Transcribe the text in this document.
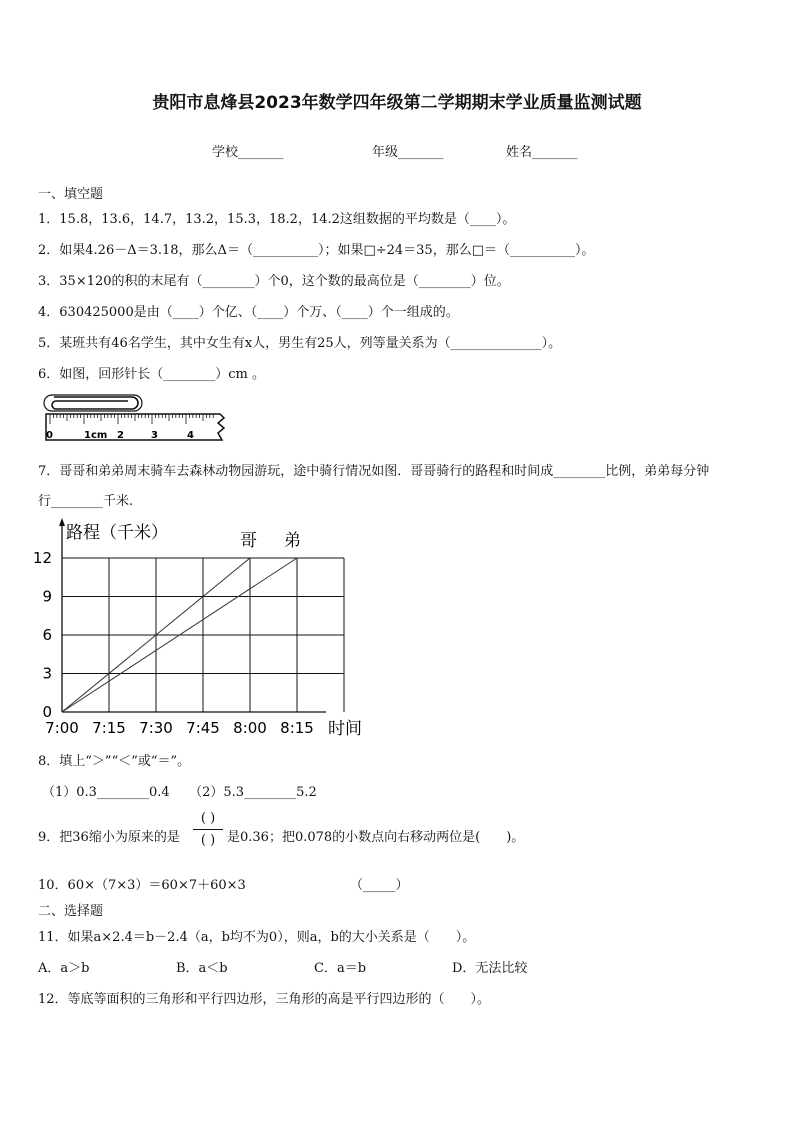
贵阳市息烽县2023年数学四年级第二学期期末学业质量监测试题
学校_______	年级_______	姓名_______
一、填空题
1．15.8，13.6，14.7，13.2，15.3，18.2，14.2这组数据的平均数是（____）。
2．如果4.26－Δ＝3.18，那么Δ＝（__________）；如果□÷24＝35，那么□＝（__________）。
3．35×120的积的末尾有（________）个0，这个数的最高位是（________）位。
4．630425000是由（____）个亿、（____）个万、（____）个一组成的。
5．某班共有46名学生，其中女生有x人，男生有25人，列等量关系为（______________）。
6．如图，回形针长（________）cm 。
0	1cm 2	3	4
7．哥哥和弟弟周末骑车去森林动物园游玩，途中骑行情况如图．哥哥骑行的路程和时间成________比例，弟弟每分钟
行________千米.
7:00 7:15 7:30 7:45 8:00 8:15
0
3
6
9
12
路程（千米）
时间
哥 弟
8．填上“＞”“＜”或“＝”。
（1）0.3________0.4　　（2）5.3________5.2
9．把36缩小为原来的是
( )
( ) 是0.36；把0.078的小数点向右移动两位是(　　)。
10．60×（7×3）＝60×7＋60×3	（_____）
二、选择题
11．如果a×2.4＝b－2.4（a，b均不为0），则a，b的大小关系是（　　）。
A．a＞b	B．a＜b	C．a＝b	D．无法比较
12．等底等面积的三角形和平行四边形，三角形的高是平行四边形的（　　）。
